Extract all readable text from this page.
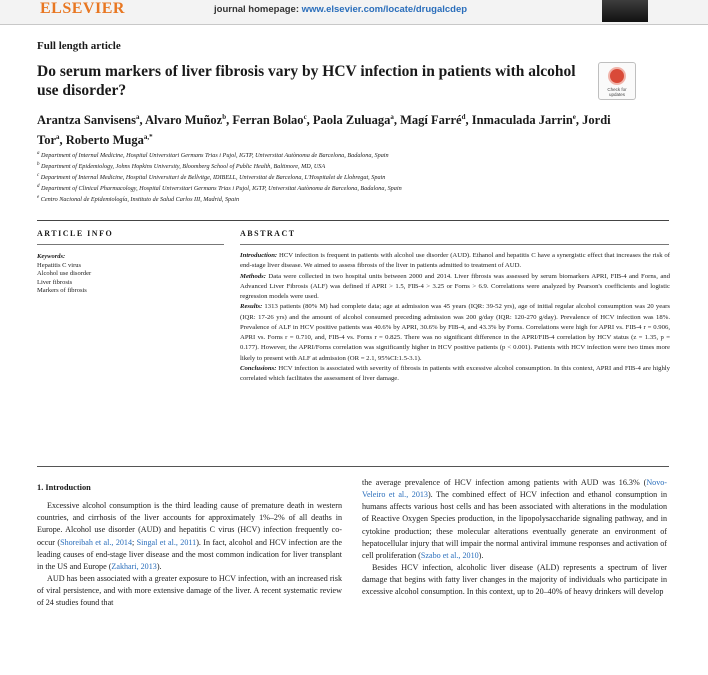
ELSEVIER	journal homepage: www.elsevier.com/locate/drugalcdep
Full length article
Do serum markers of liver fibrosis vary by HCV infection in patients with alcohol use disorder?	Check for updates

Arantza Sanvisens$^a$, Alvaro Muñoz$^b$, Ferran Bolao$^c$, Paola Zuluaga$^a$, Magí Farré$^d$, Inmaculada Jarrin$^e$, Jordi Tor$^a$, Roberto Muga$^{a,*}$

$^a$ Department of Internal Medicine, Hospital Universitari Germans Trias i Pujol, IGTP, Universitat Autònoma de Barcelona, Badalona, Spain
$^b$ Department of Epidemiology, Johns Hopkins University, Bloomberg School of Public Health, Baltimore, MD, USA
$^c$ Department of Internal Medicine, Hospital Universitari de Bellvitge, IDIBELL, Universitat de Barcelona, L'Hospitalet de Llobregat, Spain
$^d$ Department of Clinical Pharmacology, Hospital Universitari Germans Trias i Pujol, IGTP, Universitat Autònoma de Barcelona, Badalona, Spain
$^e$ Centro Nacional de Epidemiología, Instituto de Salud Carlos III, Madrid, Spain
ARTICLE INFO	ABSTRACT
Keywords:
Hepatitis C virus
Alcohol use disorder
Liver fibrosis
Markers of fibrosis

Introduction: HCV infection is frequent in patients with alcohol use disorder (AUD). Ethanol and hepatitis C have a synergistic effect that increases the risk of end-stage liver disease. We aimed to assess fibrosis of the liver in patients admitted to treatment of AUD.

Methods: Data were collected in two hospital units between 2000 and 2014. Liver fibrosis was assessed by serum biomarkers APRI, FIB-4 and Forns, and Advanced Liver Fibrosis (ALF) was defined if APRI > 1.5, FIB-4 > 3.25 or Forns > 6.9. Correlations were analyzed by Pearson's coefficients and logistic regression models were used.

Results: 1313 patients (80% M) had complete data; age at admission was 45 years (IQR: 39-52 yrs), age of initial regular alcohol consumption was 20 years (IQR: 17-26 yrs) and the amount of alcohol consumed preceding admission was 200 g/day (IQR: 120-270 g/day). Prevalence of HCV infection was 18%. Prevalence of ALF in HCV positive patients was 40.6% by APRI, 30.6% by FIB-4, and 43.3% by Forns. Correlations were high for APRI vs. FIB-4 r = 0.906, APRI vs. Forns r = 0.710, and, FIB-4 vs. Forns r = 0.825. There was no significant difference in the APRI/FIB-4 correlation by HCV status (z = 1.35, p = 0.177). However, the APRI/Forns correlation was significantly higher in HCV positive patients (p < 0.001). Patients with HCV infection were two times more likely to present with ALF at admission (OR = 2.1, 95%CI:1.5-3.1).

Conclusions: HCV infection is associated with severity of fibrosis in patients with excessive alcohol consumption. In this context, APRI and FIB-4 are highly correlated which facilitates the assessment of liver damage.

1. Introduction

Excessive alcohol consumption is the third leading cause of premature death in western countries, and cirrhosis of the liver accounts for approximately 1%–2% of all deaths in Europe. Alcohol use disorder (AUD) and hepatitis C virus (HCV) infection frequently co-occur (Shoreibah et al., 2014; Singal et al., 2011). In fact, alcohol and HCV infection are the leading causes of end-stage liver disease and the most common indication for liver transplant in the US and Europe (Zakhari, 2013).

AUD has been associated with a greater exposure to HCV infection, with an increased risk of viral persistence, and with more extensive damage of the liver. A recent systematic review of 24 studies found that

the average prevalence of HCV infection among patients with AUD was 16.3% (Novo-Veleiro et al., 2013). The combined effect of HCV infection and ethanol consumption in humans affects various host cells and has been associated with alterations in the modulation of Reactive Oxygen Species production, in the lipopolysaccharide signaling pathway, and in cytokine production; these molecular alterations eventually generate an environment of hepatocellular injury that will impair the normal antiviral immune responses and activation of cell proliferation (Szabo et al., 2010).

Besides HCV infection, alcoholic liver disease (ALD) represents a spectrum of liver damage that begins with fatty liver changes in the majority of individuals who participate in excessive alcohol consumption. In this context, up to 20–40% of heavy drinkers will develop
